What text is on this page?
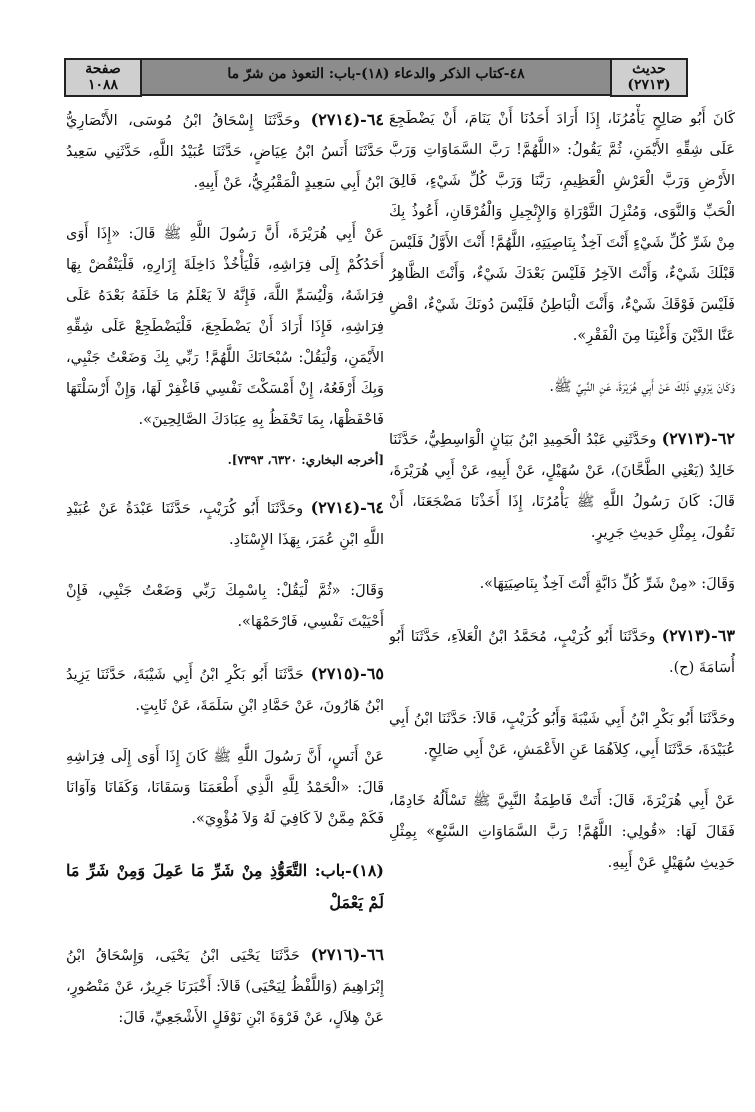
حديث
(٢٧١٣)
٤٨-كتاب الذكر والدعاء (١٨)-باب: التعوذ من شرّ ما
صفحة
١٠٨٨

كَانَ أَبُو صَالِحٍ يَأْمُرُنَا، إِذَا أَرَادَ أَحَدُنَا أَنْ يَنَامَ، أَنْ يَضْطَجِعَ عَلَى شِقِّهِ الأَيْمَنِ، ثُمَّ يَقُولُ: «اللَّهُمَّ! رَبَّ السَّمَاوَاتِ وَرَبَّ الأَرْضِ وَرَبَّ الْعَرْشِ الْعَظِيمِ، رَبَّنَا وَرَبَّ كُلِّ شَيْءٍ، فَالِقَ الْحَبِّ وَالنَّوَى، وَمُنْزِلَ التَّوْرَاةِ وَالإِنْجِيلِ وَالْفُرْقَانِ، أَعُوذُ بِكَ مِنْ شَرِّ كُلِّ شَيْءٍ أَنْتَ آخِذٌ بِنَاصِيَتِهِ، اللَّهُمَّ! أَنْتَ الأَوَّلُ فَلَيْسَ قَبْلَكَ شَيْءٌ، وَأَنْتَ الآخِرُ فَلَيْسَ بَعْدَكَ شَيْءٌ، وَأَنْتَ الظَّاهِرُ فَلَيْسَ فَوْقَكَ شَيْءٌ، وَأَنْتَ الْبَاطِنُ فَلَيْسَ دُونَكَ شَيْءٌ، اقْضِ عَنَّا الدَّيْنَ وَأَغْنِنَا مِنَ الْفَقْرِ».

وَكَانَ يَرْوِي ذَلِكَ عَنْ أَبِي هُرَيْرَةَ، عَنِ النَّبِيِّ ﷺ.

٦٢-(٢٧١٣) وحَدَّثَنِي عَبْدُ الْحَمِيدِ ابْنُ بَيَانٍ الْوَاسِطِيُّ، حَدَّثَنَا خَالِدٌ (يَعْنِي الطَّحَّانَ)، عَنْ سُهَيْلٍ، عَنْ أَبِيهِ، عَنْ أَبِي هُرَيْرَةَ، قَالَ: كَانَ رَسُولُ اللَّهِ ﷺ يَأْمُرُنَا، إِذَا أَخَذْنَا مَضْجَعَنَا، أَنْ نَقُولَ، بِمِثْلِ حَدِيثِ جَرِيرٍ.

وَقَالَ: «مِنْ شَرِّ كُلِّ دَابَّةٍ أَنْتَ آخِذٌ بِنَاصِيَتِهَا».

٦٣-(٢٧١٣) وحَدَّثَنَا أَبُو كُرَيْبٍ، مُحَمَّدُ ابْنُ الْعَلاَءِ، حَدَّثَنَا أَبُو أُسَامَةَ (ح).

وحَدَّثَنَا أَبُو بَكْرِ ابْنُ أَبِي شَيْبَةَ وَأَبُو كُرَيْبٍ، قَالاَ: حَدَّثَنَا ابْنُ أَبِي عُبَيْدَةَ، حَدَّثَنَا أَبِي، كِلاَهُمَا عَنِ الأَعْمَشِ، عَنْ أَبِي صَالِحٍ.

عَنْ أَبِي هُرَيْرَةَ، قَالَ: أَتَتْ فَاطِمَةُ النَّبِيَّ ﷺ تَسْأَلُهُ خَادِمًا، فَقَالَ لَهَا: «قُولِي: اللَّهُمَّ! رَبَّ السَّمَاوَاتِ السَّبْعِ» بِمِثْلِ حَدِيثِ سُهَيْلٍ عَنْ أَبِيهِ.

٦٤-(٢٧١٤) وحَدَّثَنَا إِسْحَاقُ ابْنُ مُوسَى، الأَنْصَارِيُّ حَدَّثَنَا أَنَسُ ابْنُ عِيَاضٍ، حَدَّثَنَا عُبَيْدُ اللَّهِ، حَدَّثَنِي سَعِيدُ ابْنُ أَبِي سَعِيدٍ الْمَقْبُرِيُّ، عَنْ أَبِيهِ.

عَنْ أَبِي هُرَيْرَةَ، أَنَّ رَسُولَ اللَّهِ ﷺ قَالَ: «إِذَا أَوَى أَحَدُكُمْ إِلَى فِرَاشِهِ، فَلْيَأْخُذْ دَاخِلَةَ إِزَارِهِ، فَلْيَنْفُضْ بِهَا فِرَاشَهُ، وَلْيُسَمِّ اللَّهَ، فَإِنَّهُ لاَ يَعْلَمُ مَا خَلَفَهُ بَعْدَهُ عَلَى فِرَاشِهِ، فَإِذَا أَرَادَ أَنْ يَضْطَجِعَ، فَلْيَضْطَجِعْ عَلَى شِقِّهِ الأَيْمَنِ، وَلْيَقُلْ: سُبْحَانَكَ اللَّهُمَّ! رَبِّي بِكَ وَضَعْتُ جَنْبِي، وَبِكَ أَرْفَعُهُ، إِنْ أَمْسَكْتَ نَفْسِي فَاغْفِرْ لَهَا، وَإِنْ أَرْسَلْتَهَا فَاحْفَظْهَا، بِمَا تَحْفَظُ بِهِ عِبَادَكَ الصَّالِحِينَ».

[أخرجه البخاري: ٦٣٢٠، ٧٣٩٣].

٦٤-(٢٧١٤) وحَدَّثَنَا أَبُو كُرَيْبٍ، حَدَّثَنَا عَبْدَةُ عَنْ عُبَيْدِ اللَّهِ ابْنِ عُمَرَ، بِهَذَا الإِسْنَادِ.

وَقَالَ: «ثُمَّ لْيَقُلْ: بِاسْمِكَ رَبِّي وَضَعْتُ جَنْبِي، فَإِنْ أَحْيَيْتَ نَفْسِي، فَارْحَمْهَا».

٦٥-(٢٧١٥) حَدَّثَنَا أَبُو بَكْرِ ابْنُ أَبِي شَيْبَةَ، حَدَّثَنَا يَزِيدُ ابْنُ هَارُونَ، عَنْ حَمَّادِ ابْنِ سَلَمَةَ، عَنْ ثَابِتٍ.

عَنْ أَنَسٍ، أَنَّ رَسُولَ اللَّهِ ﷺ كَانَ إِذَا أَوَى إِلَى فِرَاشِهِ قَالَ: «الْحَمْدُ لِلَّهِ الَّذِي أَطْعَمَنَا وَسَقَانَا، وَكَفَانَا وَآوَانَا فَكَمْ مِمَّنْ لاَ كَافِيَ لَهُ وَلاَ مُؤْوِيَ».

(١٨)-باب: التَّعَوُّذِ مِنْ شَرِّ مَا عَمِلَ وَمِنْ شَرِّ مَا لَمْ يَعْمَلْ

٦٦-(٢٧١٦) حَدَّثَنَا يَحْيَى ابْنُ يَحْيَى، وَإِسْحَاقُ ابْنُ إِبْرَاهِيمَ (وَاللَّفْظُ لِيَحْيَى) قَالاَ: أَخْبَرَنَا جَرِيرٌ، عَنْ مَنْصُورٍ، عَنْ هِلاَلٍ، عَنْ فَرْوَةَ ابْنِ نَوْفَلٍ الأَشْجَعِيِّ، قَالَ:
